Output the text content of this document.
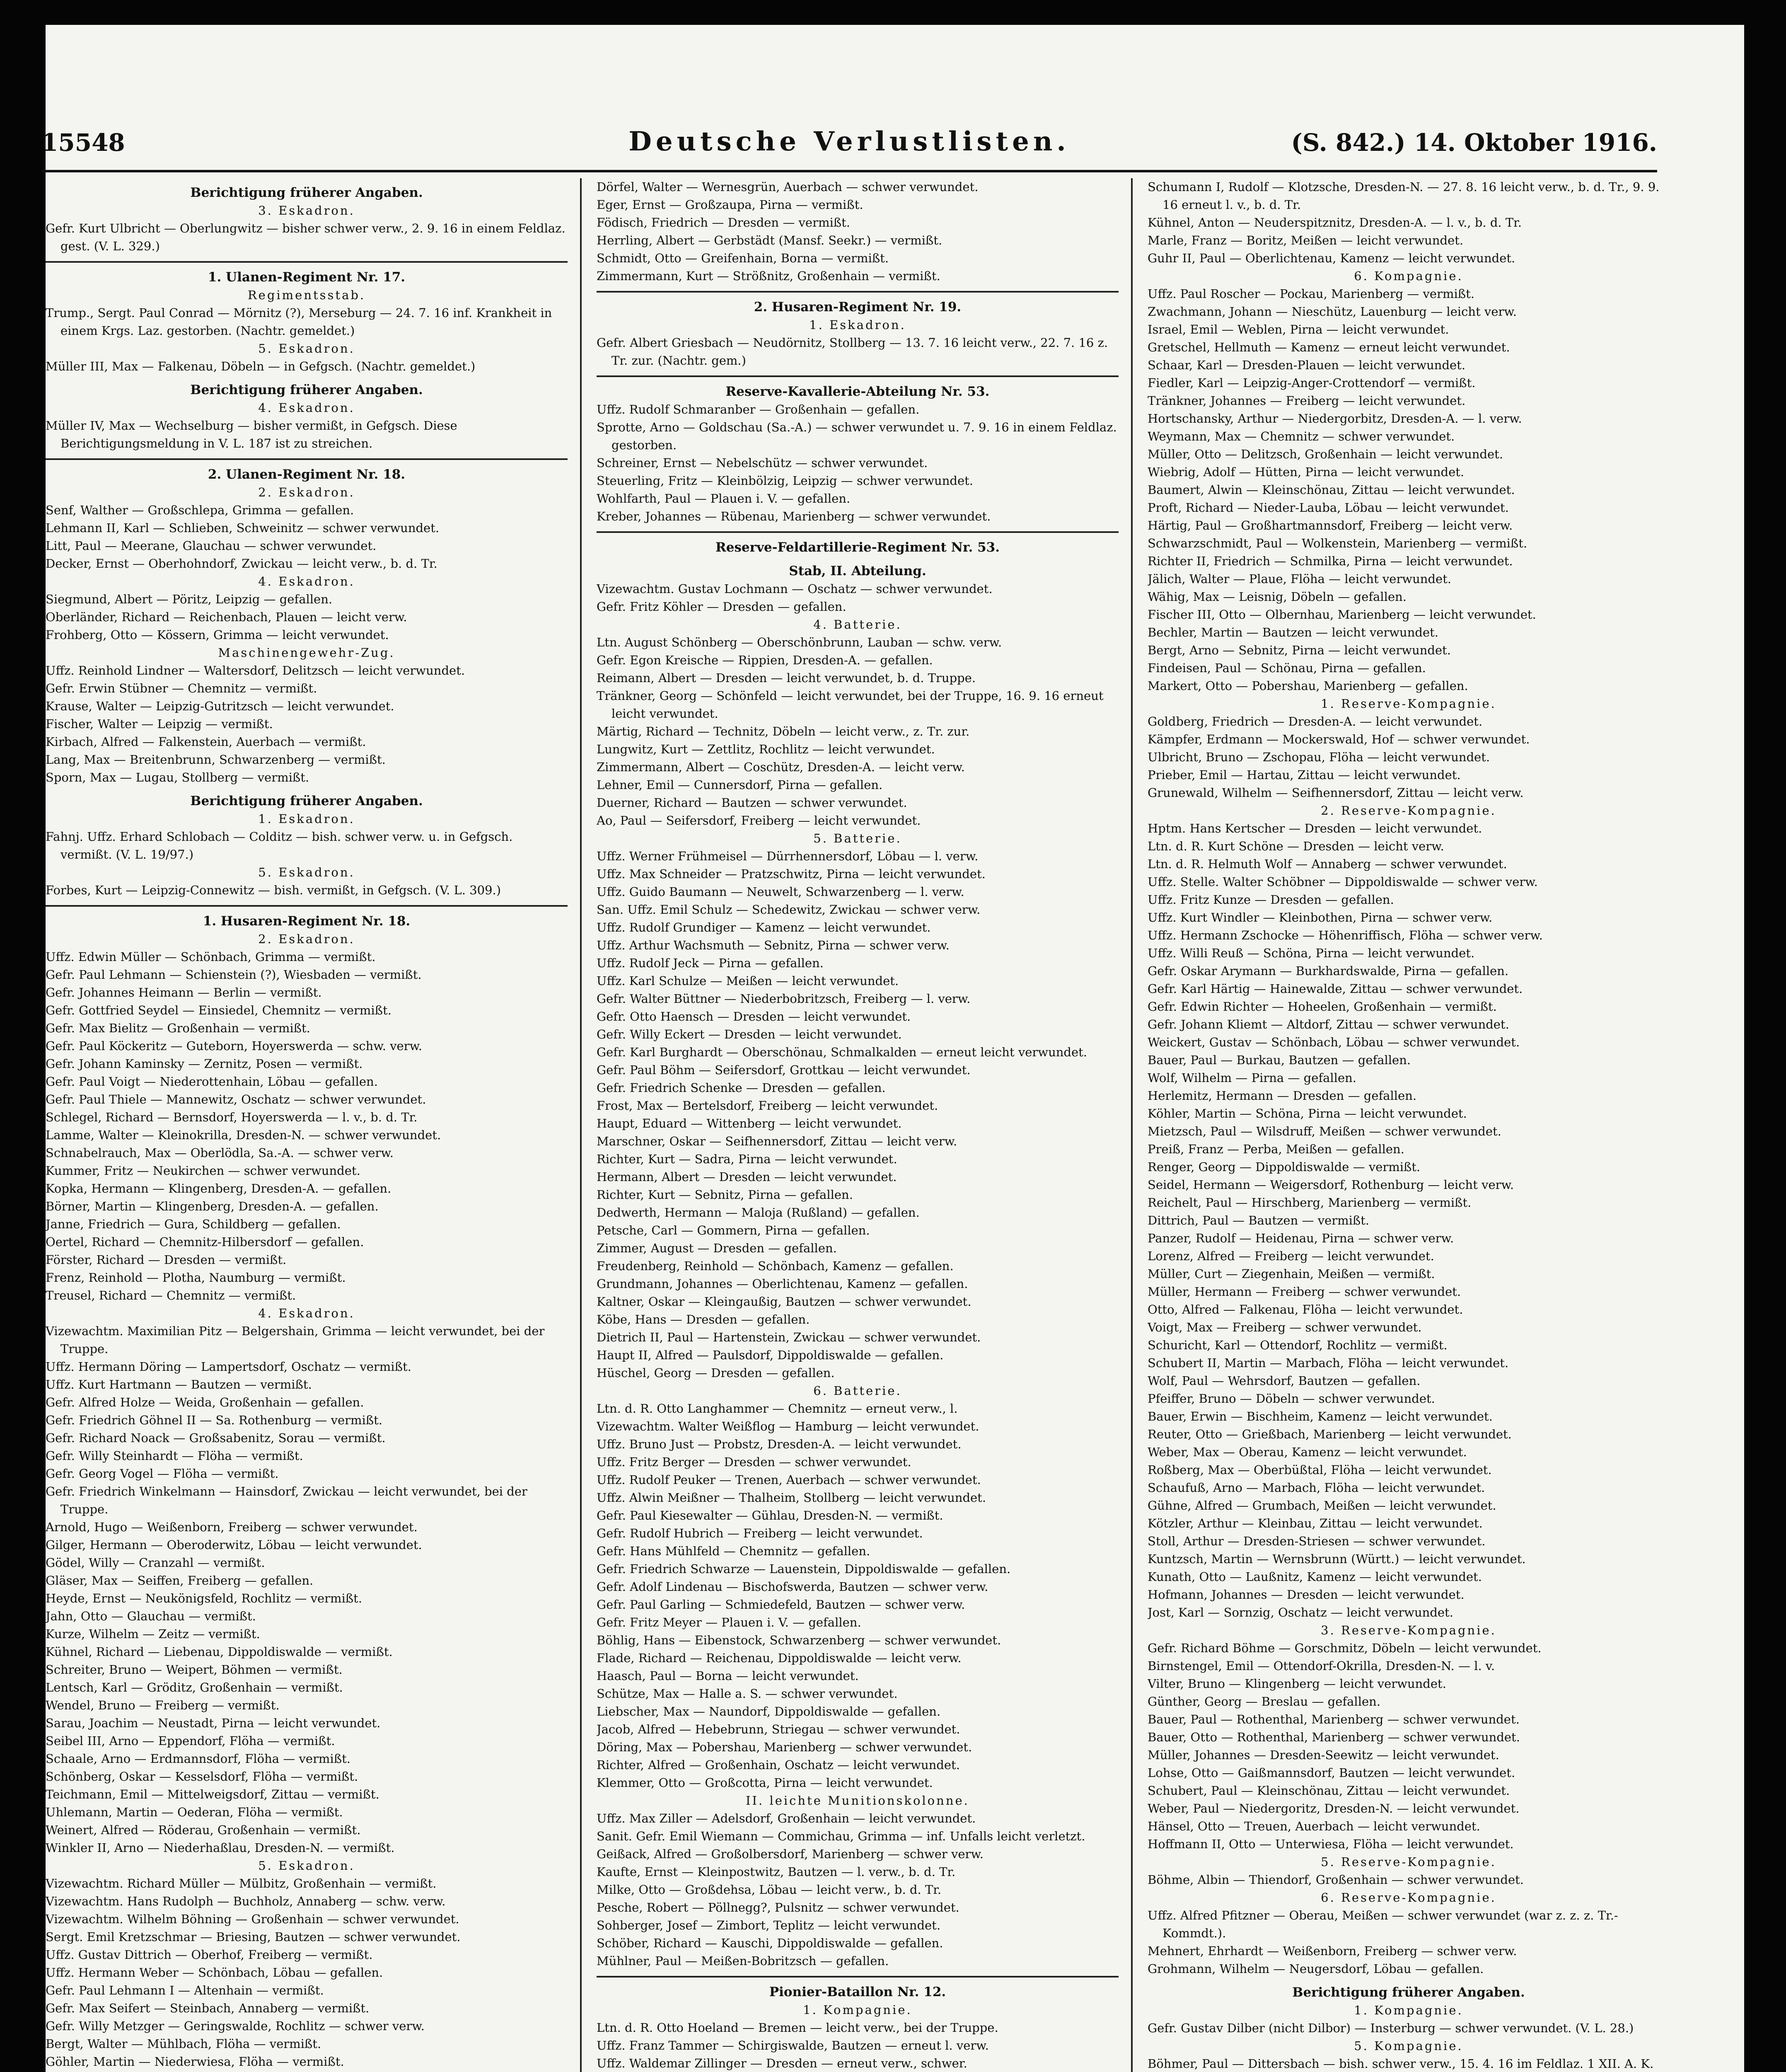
15548	Deutsche Verlustlisten.	(S. 842.) 14. Oktober 1916.
Berichtigung früherer Angaben.
3. Eskadron.
Gefr. Kurt Ulbricht — Oberlungwitz — bisher schwer verw., 2. 9. 16 in einem Feldlaz. gest. (V. L. 329.)
1. Ulanen-Regiment Nr. 17.
Regimentsstab.
Trump., Sergt. Paul Conrad — Mörnitz (?), Merseburg — 24. 7. 16 inf. Krankheit in einem Krgs. Laz. gestorben. (Nachtr. gemeldet.)
5. Eskadron.
Müller III, Max — Falkenau, Döbeln — in Gefgsch. (Nachtr. gemeldet.)
Berichtigung früherer Angaben.
4. Eskadron.
Müller IV, Max — Wechselburg — bisher vermißt, in Gefgsch. Diese Berichtigungsmeldung in V. L. 187 ist zu streichen.
2. Ulanen-Regiment Nr. 18.
2. Eskadron.
Senf, Walther — Großschlepa, Grimma — gefallen.
Lehmann II, Karl — Schlieben, Schweinitz — schwer verwundet.
Litt, Paul — Meerane, Glauchau — schwer verwundet.
Decker, Ernst — Oberhohndorf, Zwickau — leicht verw., b. d. Tr.
4. Eskadron.
Siegmund, Albert — Pöritz, Leipzig — gefallen.
Oberländer, Richard — Reichenbach, Plauen — leicht verw.
Frohberg, Otto — Kössern, Grimma — leicht verwundet.
Maschinengewehr-Zug.
Uffz. Reinhold Lindner — Waltersdorf, Delitzsch — leicht verwundet.
Gefr. Erwin Stübner — Chemnitz — vermißt.
Krause, Walter — Leipzig-Gutritzsch — leicht verwundet.
Fischer, Walter — Leipzig — vermißt.
Kirbach, Alfred — Falkenstein, Auerbach — vermißt.
Lang, Max — Breitenbrunn, Schwarzenberg — vermißt.
Sporn, Max — Lugau, Stollberg — vermißt.
Berichtigung früherer Angaben.
1. Eskadron.
Fahnj. Uffz. Erhard Schlobach — Colditz — bish. schwer verw. u. in Gefgsch. vermißt. (V. L. 19/97.)
5. Eskadron.
Forbes, Kurt — Leipzig-Connewitz — bish. vermißt, in Gefgsch. (V. L. 309.)
1. Husaren-Regiment Nr. 18.
2. Eskadron.
Uffz. Edwin Müller — Schönbach, Grimma — vermißt.
Gefr. Paul Lehmann — Schienstein (?), Wiesbaden — vermißt.
Gefr. Johannes Heimann — Berlin — vermißt.
Gefr. Gottfried Seydel — Einsiedel, Chemnitz — vermißt.
Gefr. Max Bielitz — Großenhain — vermißt.
Gefr. Paul Köckeritz — Guteborn, Hoyerswerda — schw. verw.
Gefr. Johann Kaminsky — Zernitz, Posen — vermißt.
Gefr. Paul Voigt — Niederottenhain, Löbau — gefallen.
Gefr. Paul Thiele — Mannewitz, Oschatz — schwer verwundet.
Schlegel, Richard — Bernsdorf, Hoyerswerda — l. v., b. d. Tr.
Lamme, Walter — Kleinokrilla, Dresden-N. — schwer verwundet.
Schnabelrauch, Max — Oberlödla, Sa.-A. — schwer verw.
Kummer, Fritz — Neukirchen — schwer verwundet.
Kopka, Hermann — Klingenberg, Dresden-A. — gefallen.
Börner, Martin — Klingenberg, Dresden-A. — gefallen.
Janne, Friedrich — Gura, Schildberg — gefallen.
Oertel, Richard — Chemnitz-Hilbersdorf — gefallen.
Förster, Richard — Dresden — vermißt.
Frenz, Reinhold — Plotha, Naumburg — vermißt.
Treusel, Richard — Chemnitz — vermißt.
4. Eskadron.
Vizewachtm. Maximilian Pitz — Belgershain, Grimma — leicht verwundet, bei der Truppe.
Uffz. Hermann Döring — Lampertsdorf, Oschatz — vermißt.
Uffz. Kurt Hartmann — Bautzen — vermißt.
Gefr. Alfred Holze — Weida, Großenhain — gefallen.
Gefr. Friedrich Göhnel II — Sa. Rothenburg — vermißt.
Gefr. Richard Noack — Großsabenitz, Sorau — vermißt.
Gefr. Willy Steinhardt — Flöha — vermißt.
Gefr. Georg Vogel — Flöha — vermißt.
Gefr. Friedrich Winkelmann — Hainsdorf, Zwickau — leicht verwundet, bei der Truppe.
Arnold, Hugo — Weißenborn, Freiberg — schwer verwundet.
Gilger, Hermann — Oberoderwitz, Löbau — leicht verwundet.
Gödel, Willy — Cranzahl — vermißt.
Gläser, Max — Seiffen, Freiberg — gefallen.
Heyde, Ernst — Neukönigsfeld, Rochlitz — vermißt.
Jahn, Otto — Glauchau — vermißt.
Kurze, Wilhelm — Zeitz — vermißt.
Kühnel, Richard — Liebenau, Dippoldiswalde — vermißt.
Schreiter, Bruno — Weipert, Böhmen — vermißt.
Lentsch, Karl — Gröditz, Großenhain — vermißt.
Wendel, Bruno — Freiberg — vermißt.
Sarau, Joachim — Neustadt, Pirna — leicht verwundet.
Seibel III, Arno — Eppendorf, Flöha — vermißt.
Schaale, Arno — Erdmannsdorf, Flöha — vermißt.
Schönberg, Oskar — Kesselsdorf, Flöha — vermißt.
Teichmann, Emil — Mittelweigsdorf, Zittau — vermißt.
Uhlemann, Martin — Oederan, Flöha — vermißt.
Weinert, Alfred — Röderau, Großenhain — vermißt.
Winkler II, Arno — Niederhaßlau, Dresden-N. — vermißt.
5. Eskadron.
Vizewachtm. Richard Müller — Mülbitz, Großenhain — vermißt.
Vizewachtm. Hans Rudolph — Buchholz, Annaberg — schw. verw.
Vizewachtm. Wilhelm Böhning — Großenhain — schwer verwundet.
Sergt. Emil Kretzschmar — Briesing, Bautzen — schwer verwundet.
Uffz. Gustav Dittrich — Oberhof, Freiberg — vermißt.
Uffz. Hermann Weber — Schönbach, Löbau — gefallen.
Gefr. Paul Lehmann I — Altenhain — vermißt.
Gefr. Max Seifert — Steinbach, Annaberg — vermißt.
Gefr. Willy Metzger — Geringswalde, Rochlitz — schwer verw.
Bergt, Walter — Mühlbach, Flöha — vermißt.
Göhler, Martin — Niederwiesa, Flöha — vermißt.
Dörfel, Walter — Wernesgrün, Auerbach — schwer verwundet.
Eger, Ernst — Großzaupa, Pirna — vermißt.
Födisch, Friedrich — Dresden — vermißt.
Herrling, Albert — Gerbstädt (Mansf. Seekr.) — vermißt.
Schmidt, Otto — Greifenhain, Borna — vermißt.
Zimmermann, Kurt — Strößnitz, Großenhain — vermißt.
2. Husaren-Regiment Nr. 19.
1. Eskadron.
Gefr. Albert Griesbach — Neudörnitz, Stollberg — 13. 7. 16 leicht verw., 22. 7. 16 z. Tr. zur. (Nachtr. gem.)
Reserve-Kavallerie-Abteilung Nr. 53.
Uffz. Rudolf Schmaranber — Großenhain — gefallen.
Sprotte, Arno — Goldschau (Sa.-A.) — schwer verwundet u. 7. 9. 16 in einem Feldlaz. gestorben.
Schreiner, Ernst — Nebelschütz — schwer verwundet.
Steuerling, Fritz — Kleinbölzig, Leipzig — schwer verwundet.
Wohlfarth, Paul — Plauen i. V. — gefallen.
Kreber, Johannes — Rübenau, Marienberg — schwer verwundet.
Reserve-Feldartillerie-Regiment Nr. 53.
Stab, II. Abteilung.
Vizewachtm. Gustav Lochmann — Oschatz — schwer verwundet.
Gefr. Fritz Köhler — Dresden — gefallen.
4. Batterie.
Ltn. August Schönberg — Oberschönbrunn, Lauban — schw. verw.
Gefr. Egon Kreische — Rippien, Dresden-A. — gefallen.
Reimann, Albert — Dresden — leicht verwundet, b. d. Truppe.
Tränkner, Georg — Schönfeld — leicht verwundet, bei der Truppe, 16. 9. 16 erneut leicht verwundet.
Märtig, Richard — Technitz, Döbeln — leicht verw., z. Tr. zur.
Lungwitz, Kurt — Zettlitz, Rochlitz — leicht verwundet.
Zimmermann, Albert — Coschütz, Dresden-A. — leicht verw.
Lehner, Emil — Cunnersdorf, Pirna — gefallen.
Duerner, Richard — Bautzen — schwer verwundet.
Ao, Paul — Seifersdorf, Freiberg — leicht verwundet.
5. Batterie.
Uffz. Werner Frühmeisel — Dürrhennersdorf, Löbau — l. verw.
Uffz. Max Schneider — Pratzschwitz, Pirna — leicht verwundet.
Uffz. Guido Baumann — Neuwelt, Schwarzenberg — l. verw.
San. Uffz. Emil Schulz — Schedewitz, Zwickau — schwer verw.
Uffz. Rudolf Grundiger — Kamenz — leicht verwundet.
Uffz. Arthur Wachsmuth — Sebnitz, Pirna — schwer verw.
Uffz. Rudolf Jeck — Pirna — gefallen.
Uffz. Karl Schulze — Meißen — leicht verwundet.
Gefr. Walter Büttner — Niederbobritzsch, Freiberg — l. verw.
Gefr. Otto Haensch — Dresden — leicht verwundet.
Gefr. Willy Eckert — Dresden — leicht verwundet.
Gefr. Karl Burghardt — Oberschönau, Schmalkalden — erneut leicht verwundet.
Gefr. Paul Böhm — Seifersdorf, Grottkau — leicht verwundet.
Gefr. Friedrich Schenke — Dresden — gefallen.
Frost, Max — Bertelsdorf, Freiberg — leicht verwundet.
Haupt, Eduard — Wittenberg — leicht verwundet.
Marschner, Oskar — Seifhennersdorf, Zittau — leicht verw.
Richter, Kurt — Sadra, Pirna — leicht verwundet.
Hermann, Albert — Dresden — leicht verwundet.
Richter, Kurt — Sebnitz, Pirna — gefallen.
Dedwerth, Hermann — Maloja (Rußland) — gefallen.
Petsche, Carl — Gommern, Pirna — gefallen.
Zimmer, August — Dresden — gefallen.
Freudenberg, Reinhold — Schönbach, Kamenz — gefallen.
Grundmann, Johannes — Oberlichtenau, Kamenz — gefallen.
Kaltner, Oskar — Kleingaußig, Bautzen — schwer verwundet.
Köbe, Hans — Dresden — gefallen.
Dietrich II, Paul — Hartenstein, Zwickau — schwer verwundet.
Haupt II, Alfred — Paulsdorf, Dippoldiswalde — gefallen.
Hüschel, Georg — Dresden — gefallen.
6. Batterie.
Ltn. d. R. Otto Langhammer — Chemnitz — erneut verw., l.
Vizewachtm. Walter Weißflog — Hamburg — leicht verwundet.
Uffz. Bruno Just — Probstz, Dresden-A. — leicht verwundet.
Uffz. Fritz Berger — Dresden — schwer verwundet.
Uffz. Rudolf Peuker — Trenen, Auerbach — schwer verwundet.
Uffz. Alwin Meißner — Thalheim, Stollberg — leicht verwundet.
Gefr. Paul Kiesewalter — Gühlau, Dresden-N. — vermißt.
Gefr. Rudolf Hubrich — Freiberg — leicht verwundet.
Gefr. Hans Mühlfeld — Chemnitz — gefallen.
Gefr. Friedrich Schwarze — Lauenstein, Dippoldiswalde — gefallen.
Gefr. Adolf Lindenau — Bischofswerda, Bautzen — schwer verw.
Gefr. Paul Garling — Schmiedefeld, Bautzen — schwer verw.
Gefr. Fritz Meyer — Plauen i. V. — gefallen.
Böhlig, Hans — Eibenstock, Schwarzenberg — schwer verwundet.
Flade, Richard — Reichenau, Dippoldiswalde — leicht verw.
Haasch, Paul — Borna — leicht verwundet.
Schütze, Max — Halle a. S. — schwer verwundet.
Liebscher, Max — Naundorf, Dippoldiswalde — gefallen.
Jacob, Alfred — Hebebrunn, Striegau — schwer verwundet.
Döring, Max — Pobershau, Marienberg — schwer verwundet.
Richter, Alfred — Großenhain, Oschatz — leicht verwundet.
Klemmer, Otto — Großcotta, Pirna — leicht verwundet.
II. leichte Munitionskolonne.
Uffz. Max Ziller — Adelsdorf, Großenhain — leicht verwundet.
Sanit. Gefr. Emil Wiemann — Commichau, Grimma — inf. Unfalls leicht verletzt.
Geißack, Alfred — Großolbersdorf, Marienberg — schwer verw.
Kaufte, Ernst — Kleinpostwitz, Bautzen — l. verw., b. d. Tr.
Milke, Otto — Großdehsa, Löbau — leicht verw., b. d. Tr.
Pesche, Robert — Pöllnegg?, Pulsnitz — schwer verwundet.
Sohberger, Josef — Zimbort, Teplitz — leicht verwundet.
Schöber, Richard — Kauschi, Dippoldiswalde — gefallen.
Mühlner, Paul — Meißen-Bobritzsch — gefallen.
Pionier-Bataillon Nr. 12.
1. Kompagnie.
Ltn. d. R. Otto Hoeland — Bremen — leicht verw., bei der Truppe.
Uffz. Franz Tammer — Schirgiswalde, Bautzen — erneut l. verw.
Uffz. Waldemar Zillinger — Dresden — erneut verw., schwer.
Schumann I, Rudolf — Klotzsche, Dresden-N. — 27. 8. 16 leicht verw., b. d. Tr., 9. 9. 16 erneut l. v., b. d. Tr.
Kühnel, Anton — Neuderspitznitz, Dresden-A. — l. v., b. d. Tr.
Marle, Franz — Boritz, Meißen — leicht verwundet.
Guhr II, Paul — Oberlichtenau, Kamenz — leicht verwundet.
6. Kompagnie.
Uffz. Paul Roscher — Pockau, Marienberg — vermißt.
Zwachmann, Johann — Nieschütz, Lauenburg — leicht verw.
Israel, Emil — Weblen, Pirna — leicht verwundet.
Gretschel, Hellmuth — Kamenz — erneut leicht verwundet.
Schaar, Karl — Dresden-Plauen — leicht verwundet.
Fiedler, Karl — Leipzig-Anger-Crottendorf — vermißt.
Tränkner, Johannes — Freiberg — leicht verwundet.
Hortschansky, Arthur — Niedergorbitz, Dresden-A. — l. verw.
Weymann, Max — Chemnitz — schwer verwundet.
Müller, Otto — Delitzsch, Großenhain — leicht verwundet.
Wiebrig, Adolf — Hütten, Pirna — leicht verwundet.
Baumert, Alwin — Kleinschönau, Zittau — leicht verwundet.
Proft, Richard — Nieder-Lauba, Löbau — leicht verwundet.
Härtig, Paul — Großhartmannsdorf, Freiberg — leicht verw.
Schwarzschmidt, Paul — Wolkenstein, Marienberg — vermißt.
Richter II, Friedrich — Schmilka, Pirna — leicht verwundet.
Jälich, Walter — Plaue, Flöha — leicht verwundet.
Wähig, Max — Leisnig, Döbeln — gefallen.
Fischer III, Otto — Olbernhau, Marienberg — leicht verwundet.
Bechler, Martin — Bautzen — leicht verwundet.
Bergt, Arno — Sebnitz, Pirna — leicht verwundet.
Findeisen, Paul — Schönau, Pirna — gefallen.
Markert, Otto — Pobershau, Marienberg — gefallen.
1. Reserve-Kompagnie.
Goldberg, Friedrich — Dresden-A. — leicht verwundet.
Kämpfer, Erdmann — Mockerswald, Hof — schwer verwundet.
Ulbricht, Bruno — Zschopau, Flöha — leicht verwundet.
Prieber, Emil — Hartau, Zittau — leicht verwundet.
Grunewald, Wilhelm — Seifhennersdorf, Zittau — leicht verw.
2. Reserve-Kompagnie.
Hptm. Hans Kertscher — Dresden — leicht verwundet.
Ltn. d. R. Kurt Schöne — Dresden — leicht verw.
Ltn. d. R. Helmuth Wolf — Annaberg — schwer verwundet.
Uffz. Stelle. Walter Schöbner — Dippoldiswalde — schwer verw.
Uffz. Fritz Kunze — Dresden — gefallen.
Uffz. Kurt Windler — Kleinbothen, Pirna — schwer verw.
Uffz. Hermann Zschocke — Höhenriffisch, Flöha — schwer verw.
Uffz. Willi Reuß — Schöna, Pirna — leicht verwundet.
Gefr. Oskar Arymann — Burkhardswalde, Pirna — gefallen.
Gefr. Karl Härtig — Hainewalde, Zittau — schwer verwundet.
Gefr. Edwin Richter — Hoheelen, Großenhain — vermißt.
Gefr. Johann Kliemt — Altdorf, Zittau — schwer verwundet.
Weickert, Gustav — Schönbach, Löbau — schwer verwundet.
Bauer, Paul — Burkau, Bautzen — gefallen.
Wolf, Wilhelm — Pirna — gefallen.
Herlemitz, Hermann — Dresden — gefallen.
Köhler, Martin — Schöna, Pirna — leicht verwundet.
Mietzsch, Paul — Wilsdruff, Meißen — schwer verwundet.
Preiß, Franz — Perba, Meißen — gefallen.
Renger, Georg — Dippoldiswalde — vermißt.
Seidel, Hermann — Weigersdorf, Rothenburg — leicht verw.
Reichelt, Paul — Hirschberg, Marienberg — vermißt.
Dittrich, Paul — Bautzen — vermißt.
Panzer, Rudolf — Heidenau, Pirna — schwer verw.
Lorenz, Alfred — Freiberg — leicht verwundet.
Müller, Curt — Ziegenhain, Meißen — vermißt.
Müller, Hermann — Freiberg — schwer verwundet.
Otto, Alfred — Falkenau, Flöha — leicht verwundet.
Voigt, Max — Freiberg — schwer verwundet.
Schuricht, Karl — Ottendorf, Rochlitz — vermißt.
Schubert II, Martin — Marbach, Flöha — leicht verwundet.
Wolf, Paul — Wehrsdorf, Bautzen — gefallen.
Pfeiffer, Bruno — Döbeln — schwer verwundet.
Bauer, Erwin — Bischheim, Kamenz — leicht verwundet.
Reuter, Otto — Grießbach, Marienberg — leicht verwundet.
Weber, Max — Oberau, Kamenz — leicht verwundet.
Roßberg, Max — Oberbüßtal, Flöha — leicht verwundet.
Schaufuß, Arno — Marbach, Flöha — leicht verwundet.
Gühne, Alfred — Grumbach, Meißen — leicht verwundet.
Kötzler, Arthur — Kleinbau, Zittau — leicht verwundet.
Stoll, Arthur — Dresden-Striesen — schwer verwundet.
Kuntzsch, Martin — Wernsbrunn (Württ.) — leicht verwundet.
Kunath, Otto — Laußnitz, Kamenz — leicht verwundet.
Hofmann, Johannes — Dresden — leicht verwundet.
Jost, Karl — Sornzig, Oschatz — leicht verwundet.
3. Reserve-Kompagnie.
Gefr. Richard Böhme — Gorschmitz, Döbeln — leicht verwundet.
Birnstengel, Emil — Ottendorf-Okrilla, Dresden-N. — l. v.
Vilter, Bruno — Klingenberg — leicht verwundet.
Günther, Georg — Breslau — gefallen.
Bauer, Paul — Rothenthal, Marienberg — schwer verwundet.
Bauer, Otto — Rothenthal, Marienberg — schwer verwundet.
Müller, Johannes — Dresden-Seewitz — leicht verwundet.
Lohse, Otto — Gaißmannsdorf, Bautzen — leicht verwundet.
Schubert, Paul — Kleinschönau, Zittau — leicht verwundet.
Weber, Paul — Niedergoritz, Dresden-N. — leicht verwundet.
Hänsel, Otto — Treuen, Auerbach — leicht verwundet.
Hoffmann II, Otto — Unterwiesa, Flöha — leicht verwundet.
5. Reserve-Kompagnie.
Böhme, Albin — Thiendorf, Großenhain — schwer verwundet.
6. Reserve-Kompagnie.
Uffz. Alfred Pfitzner — Oberau, Meißen — schwer verwundet (war z. z. z. Tr.-Kommdt.).
Mehnert, Ehrhardt — Weißenborn, Freiberg — schwer verw.
Grohmann, Wilhelm — Neugersdorf, Löbau — gefallen.
Berichtigung früherer Angaben.
1. Kompagnie.
Gefr. Gustav Dilber (nicht Dilbor) — Insterburg — schwer verwundet. (V. L. 28.)
5. Kompagnie.
Böhmer, Paul — Dittersbach — bish. schwer verw., 15. 4. 16 im Feldlaz. 1 XII. A. K.
